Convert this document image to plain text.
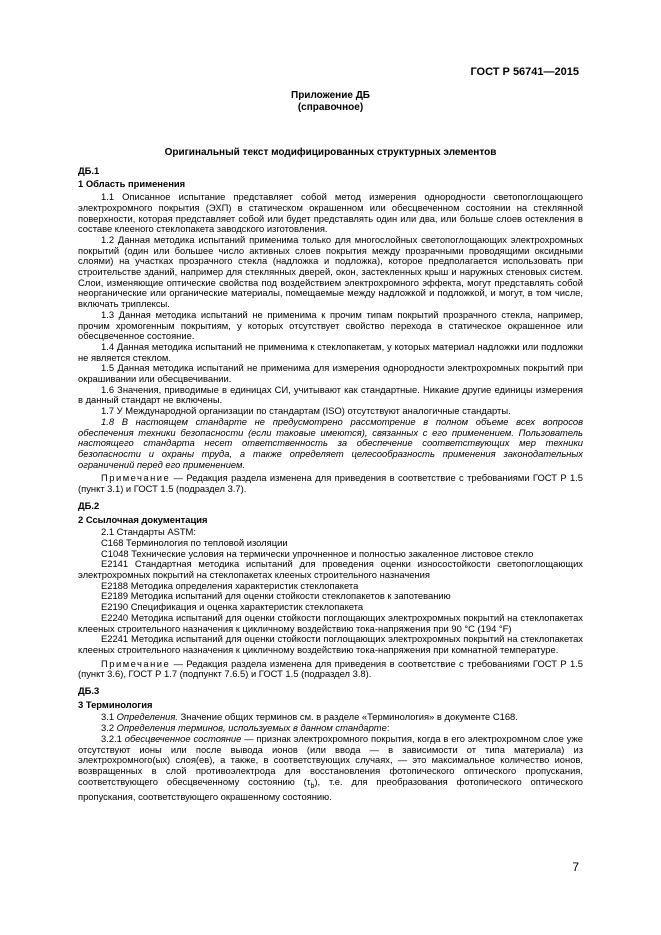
ГОСТ Р 56741—2015
Приложение ДБ
(справочное)
Оригинальный текст модифицированных структурных элементов
ДБ.1
1 Область применения

1.1 Описанное испытание представляет собой метод измерения однородности светопоглощающего электрохромного покрытия (ЭХП) в статическом окрашенном или обесцвеченном состоянии на стеклянной поверхности, которая представляет собой или будет представлять один или два, или больше слоев остекления в составе клееного стеклопакета заводского изготовления.

1.2 Данная методика испытаний применима только для многослойных светопоглощающих электрохромных покрытий (один или большее число активных слоев покрытия между прозрачными проводящими оксидными слоями) на участках прозрачного стекла (надложка и подложка), которое предполагается использовать при строительстве зданий, например для стеклянных дверей, окон, застекленных крыш и наружных стеновых систем. Слои, изменяющие оптические свойства под воздействием электрохромного эффекта, могут представлять собой неорганические или органические материалы, помещаемые между надложкой и подложкой, и могут, в том числе, включать триплексы.

1.3 Данная методика испытаний не применима к прочим типам покрытий прозрачного стекла, например, прочим хромогенным покрытиям, у которых отсутствует свойство перехода в статическое окрашенное или обесцвеченное состояние.

1.4 Данная методика испытаний не применима к стеклопакетам, у которых материал надложки или подложки не является стеклом.

1.5 Данная методика испытаний не применима для измерения однородности электрохромных покрытий при окрашивании или обесцвечивании.

1.6 Значения, приводимые в единицах СИ, учитывают как стандартные. Никакие другие единицы измерения в данный стандарт не включены.

1.7 У Международной организации по стандартам (ISO) отсутствуют аналогичные стандарты.

1.8 В настоящем стандарте не предусмотрено рассмотрение в полном объеме всех вопросов обеспечения техники безопасности (если таковые имеются), связанных с его применением. Пользователь настоящего стандарта несет ответственность за обеспечение соответствующих мер техники безопасности и охраны труда, а также определяет целесообразность применения законодательных ограничений перед его применением.

Примечание — Редакция раздела изменена для приведения в соответствие с требованиями ГОСТ Р 1.5 (пункт 3.1) и ГОСТ 1.5 (подраздел 3.7).

ДБ.2
2 Ссылочная документация

2.1 Стандарты ASTM:

C168 Терминология по тепловой изоляции

C1048 Технические условия на термически упрочненное и полностью закаленное листовое стекло

E2141 Стандартная методика испытаний для проведения оценки износостойкости светопоглощающих электрохромных покрытий на стеклопакетах клееных строительного назначения

E2188 Методика определения характеристик стеклопакета

E2189 Методика испытаний для оценки стойкости стеклопакетов к запотеванию

E2190 Спецификация и оценка характеристик стеклопакета

E2240 Методика испытаний для оценки стойкости поглощающих электрохромных покрытий на стеклопакетах клееных строительного назначения к цикличному воздействию тока-напряжения при 90 °C (194 °F)

E2241 Методика испытаний для оценки стойкости поглощающих электрохромных покрытий на стеклопакетах клееных строительного назначения к цикличному воздействию тока-напряжения при комнатной температуре.

Примечание — Редакция раздела изменена для приведения в соответствие с требованиями ГОСТ Р 1.5 (пункт 3.6), ГОСТ Р 1.7 (подпункт 7.6.5) и ГОСТ 1.5 (подраздел 3.8).

ДБ.3
3 Терминология

3.1 Определения. Значение общих терминов см. в разделе «Терминология» в документе C168.

3.2 Определения терминов, используемых в данном стандарте:

3.2.1 обесцвеченное состояние — признак электрохромного покрытия, когда в его электрохромном слое уже отсутствуют ионы или после вывода ионов (или ввода — в зависимости от типа материала) из электрохромного(ых) слоя(ев), а также, в соответствующих случаях, — это максимальное количество ионов, возвращенных в слой противоэлектрода для восстановления фотопического оптического пропускания, соответствующего обесцвеченному состоянию $(\tau_b)$, т.е. для преобразования фотопического оптического пропускания, соответствующего окрашенному состоянию.

7
